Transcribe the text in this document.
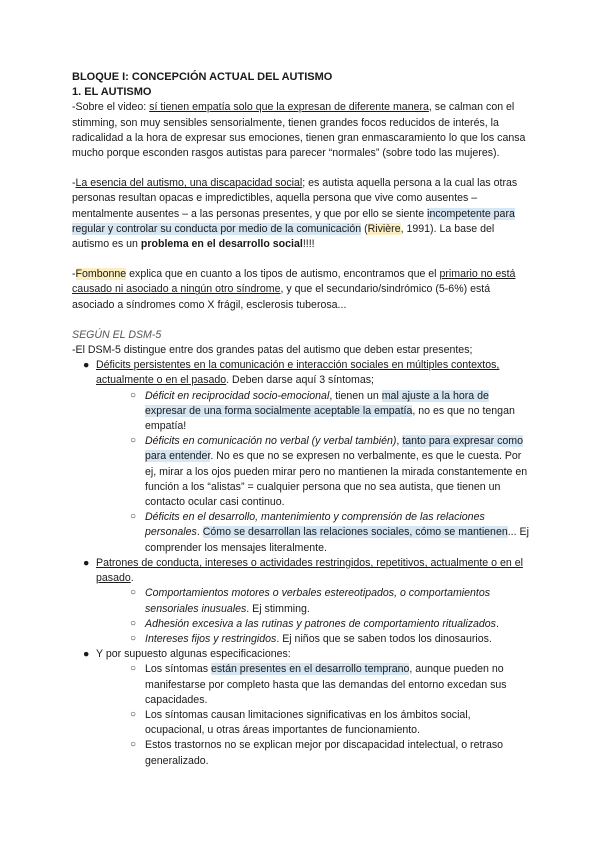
BLOQUE I: CONCEPCIÓN ACTUAL DEL AUTISMO

1. EL AUTISMO

-Sobre el video: sí tienen empatía solo que la expresan de diferente manera, se calman con el stimming, son muy sensibles sensorialmente, tienen grandes focos reducidos de interés, la radicalidad a la hora de expresar sus emociones, tienen gran enmascaramiento lo que los cansa mucho porque esconden rasgos autistas para parecer “normales” (sobre todo las mujeres).

-La esencia del autismo, una discapacidad social; es autista aquella persona a la cual las otras personas resultan opacas e impredictibles, aquella persona que vive como ausentes – mentalmente ausentes – a las personas presentes, y que por ello se siente incompetente para regular y controlar su conducta por medio de la comunicación (Rivière, 1991). La base del autismo es un problema en el desarrollo social!!!!

-Fombonne explica que en cuanto a los tipos de autismo, encontramos que el primario no está causado ni asociado a ningún otro síndrome, y que el secundario/sindrómico (5-6%) está asociado a síndromes como X frágil, esclerosis tuberosa...

SEGÚN EL DSM-5

-El DSM-5 distingue entre dos grandes patas del autismo que deben estar presentes;

● Déficits persistentes en la comunicación e interacción sociales en múltiples contextos, actualmente o en el pasado. Deben darse aquí 3 síntomas;
○ Déficit en reciprocidad socio-emocional, tienen un mal ajuste a la hora de expresar de una forma socialmente aceptable la empatía, no es que no tengan empatía!
○ Déficits en comunicación no verbal (y verbal también), tanto para expresar como para entender. No es que no se expresen no verbalmente, es que le cuesta. Por ej, mirar a los ojos pueden mirar pero no mantienen la mirada constantemente en función a los “alistas” = cualquier persona que no sea autista, que tienen un contacto ocular casi continuo.
○ Déficits en el desarrollo, mantenimiento y comprensión de las relaciones personales. Cómo se desarrollan las relaciones sociales, cómo se mantienen... Ej comprender los mensajes literalmente.
● Patrones de conducta, intereses o actividades restringidos, repetitivos, actualmente o en el pasado.
○ Comportamientos motores o verbales estereotipados, o comportamientos sensoriales inusuales. Ej stimming.
○ Adhesión excesiva a las rutinas y patrones de comportamiento ritualizados.
○ Intereses fijos y restringidos. Ej niños que se saben todos los dinosaurios.
● Y por supuesto algunas especificaciones:
○ Los síntomas están presentes en el desarrollo temprano, aunque pueden no manifestarse por completo hasta que las demandas del entorno excedan sus capacidades.
○ Los síntomas causan limitaciones significativas en los ámbitos social, ocupacional, u otras áreas importantes de funcionamiento.
○ Estos trastornos no se explican mejor por discapacidad intelectual, o retraso generalizado.
